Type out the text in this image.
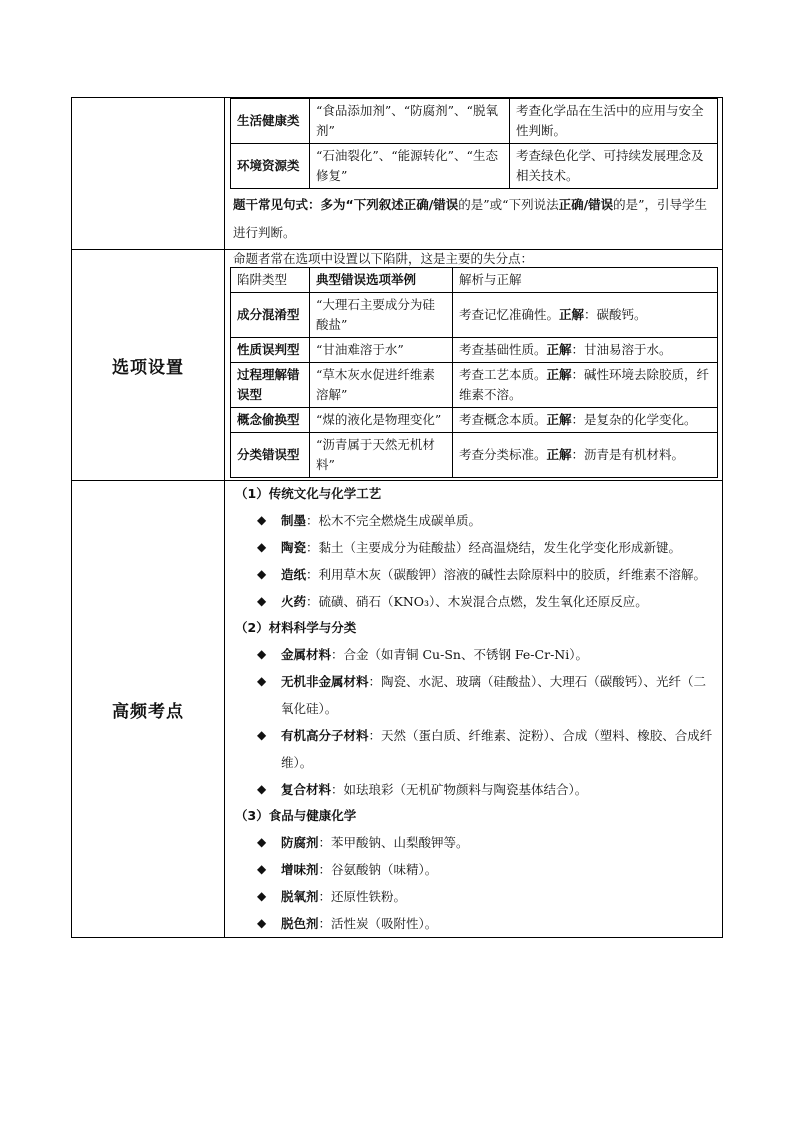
生活健康类	“食品添加剂”、“防腐剂”、“脱氧剂”	考查化学品在生活中的应用与安全性判断。
环境资源类	“石油裂化”、“能源转化”、“生态修复”	考查绿色化学、可持续发展理念及相关技术。
题干常见句式：多为“下列叙述正确/错误的是”或“下列说法正确/错误的是”，引导学生进行判断。

选项设置	
命题者常在选项中设置以下陷阱，这是主要的失分点：
陷阱类型	典型错误选项举例	解析与正解
成分混淆型	“大理石主要成分为硅酸盐”	考查记忆准确性。正解：碳酸钙。
性质误判型	“甘油难溶于水”	考查基础性质。正解：甘油易溶于水。
过程理解错误型	“草木灰水促进纤维素溶解”	考查工艺本质。正解：碱性环境去除胶质，纤维素不溶。
概念偷换型	“煤的液化是物理变化”	考查概念本质。正解：是复杂的化学变化。
分类错误型	“沥青属于天然无机材料”	考查分类标准。正解：沥青是有机材料。

高频考点	
（1）传统文化与化学工艺
◆ 制墨：松木不完全燃烧生成碳单质。
◆ 陶瓷：黏土（主要成分为硅酸盐）经高温烧结，发生化学变化形成新键。
◆ 造纸：利用草木灰（碳酸钾）溶液的碱性去除原料中的胶质，纤维素不溶解。
◆ 火药：硫磺、硝石（KNO₃）、木炭混合点燃，发生氧化还原反应。
（2）材料科学与分类
◆ 金属材料：合金（如青铜 Cu-Sn、不锈钢 Fe-Cr-Ni）。
◆ 无机非金属材料：陶瓷、水泥、玻璃（硅酸盐）、大理石（碳酸钙）、光纤（二氧化硅）。
◆ 有机高分子材料：天然（蛋白质、纤维素、淀粉）、合成（塑料、橡胶、合成纤维）。
◆ 复合材料：如珐琅彩（无机矿物颜料与陶瓷基体结合）。
（3）食品与健康化学
◆ 防腐剂：苯甲酸钠、山梨酸钾等。
◆ 增味剂：谷氨酸钠（味精）。
◆ 脱氧剂：还原性铁粉。
◆ 脱色剂：活性炭（吸附性）。
